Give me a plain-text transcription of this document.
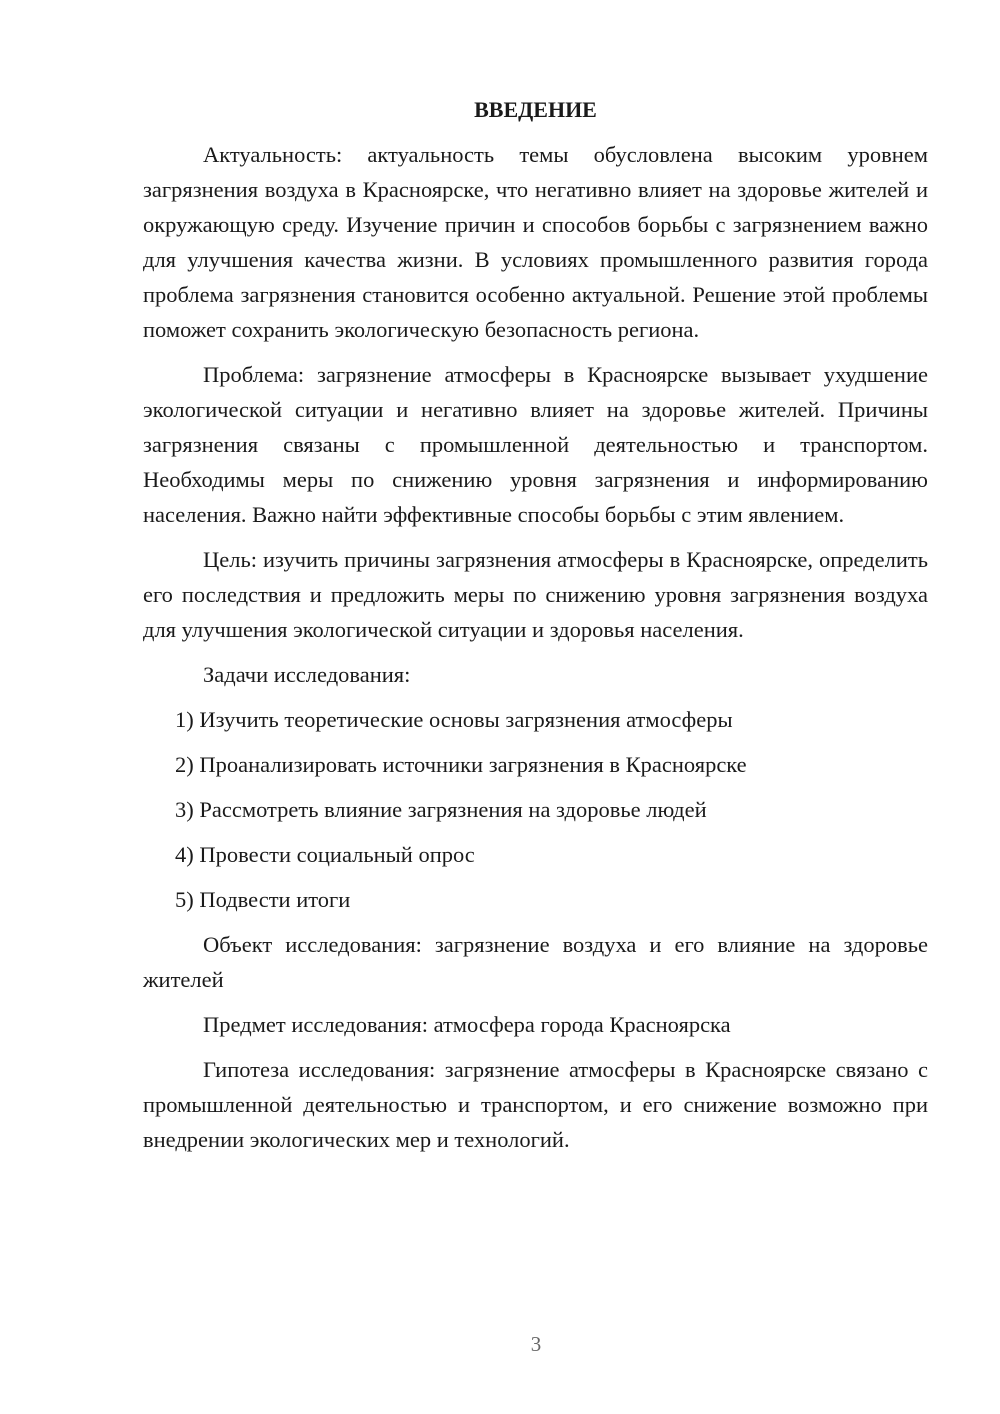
ВВЕДЕНИЕ

Актуальность: актуальность темы обусловлена высоким уровнем загрязнения воздуха в Красноярске, что негативно влияет на здоровье жителей и окружающую среду. Изучение причин и способов борьбы с загрязнением важно для улучшения качества жизни. В условиях промышленного развития города проблема загрязнения становится особенно актуальной. Решение этой проблемы поможет сохранить экологическую безопасность региона.

Проблема: загрязнение атмосферы в Красноярске вызывает ухудшение экологической ситуации и негативно влияет на здоровье жителей. Причины загрязнения связаны с промышленной деятельностью и транспортом. Необходимы меры по снижению уровня загрязнения и информированию населения. Важно найти эффективные способы борьбы с этим явлением.

Цель: изучить причины загрязнения атмосферы в Красноярске, определить его последствия и предложить меры по снижению уровня загрязнения воздуха для улучшения экологической ситуации и здоровья населения.

Задачи исследования:

1) Изучить теоретические основы загрязнения атмосферы
2) Проанализировать источники загрязнения в Красноярске
3) Рассмотреть влияние загрязнения на здоровье людей
4) Провести социальный опрос
5) Подвести итоги

Объект исследования: загрязнение воздуха и его влияние на здоровье жителей

Предмет исследования: атмосфера города Красноярска

Гипотеза исследования: загрязнение атмосферы в Красноярске связано с промышленной деятельностью и транспортом, и его снижение возможно при внедрении экологических мер и технологий.

3
